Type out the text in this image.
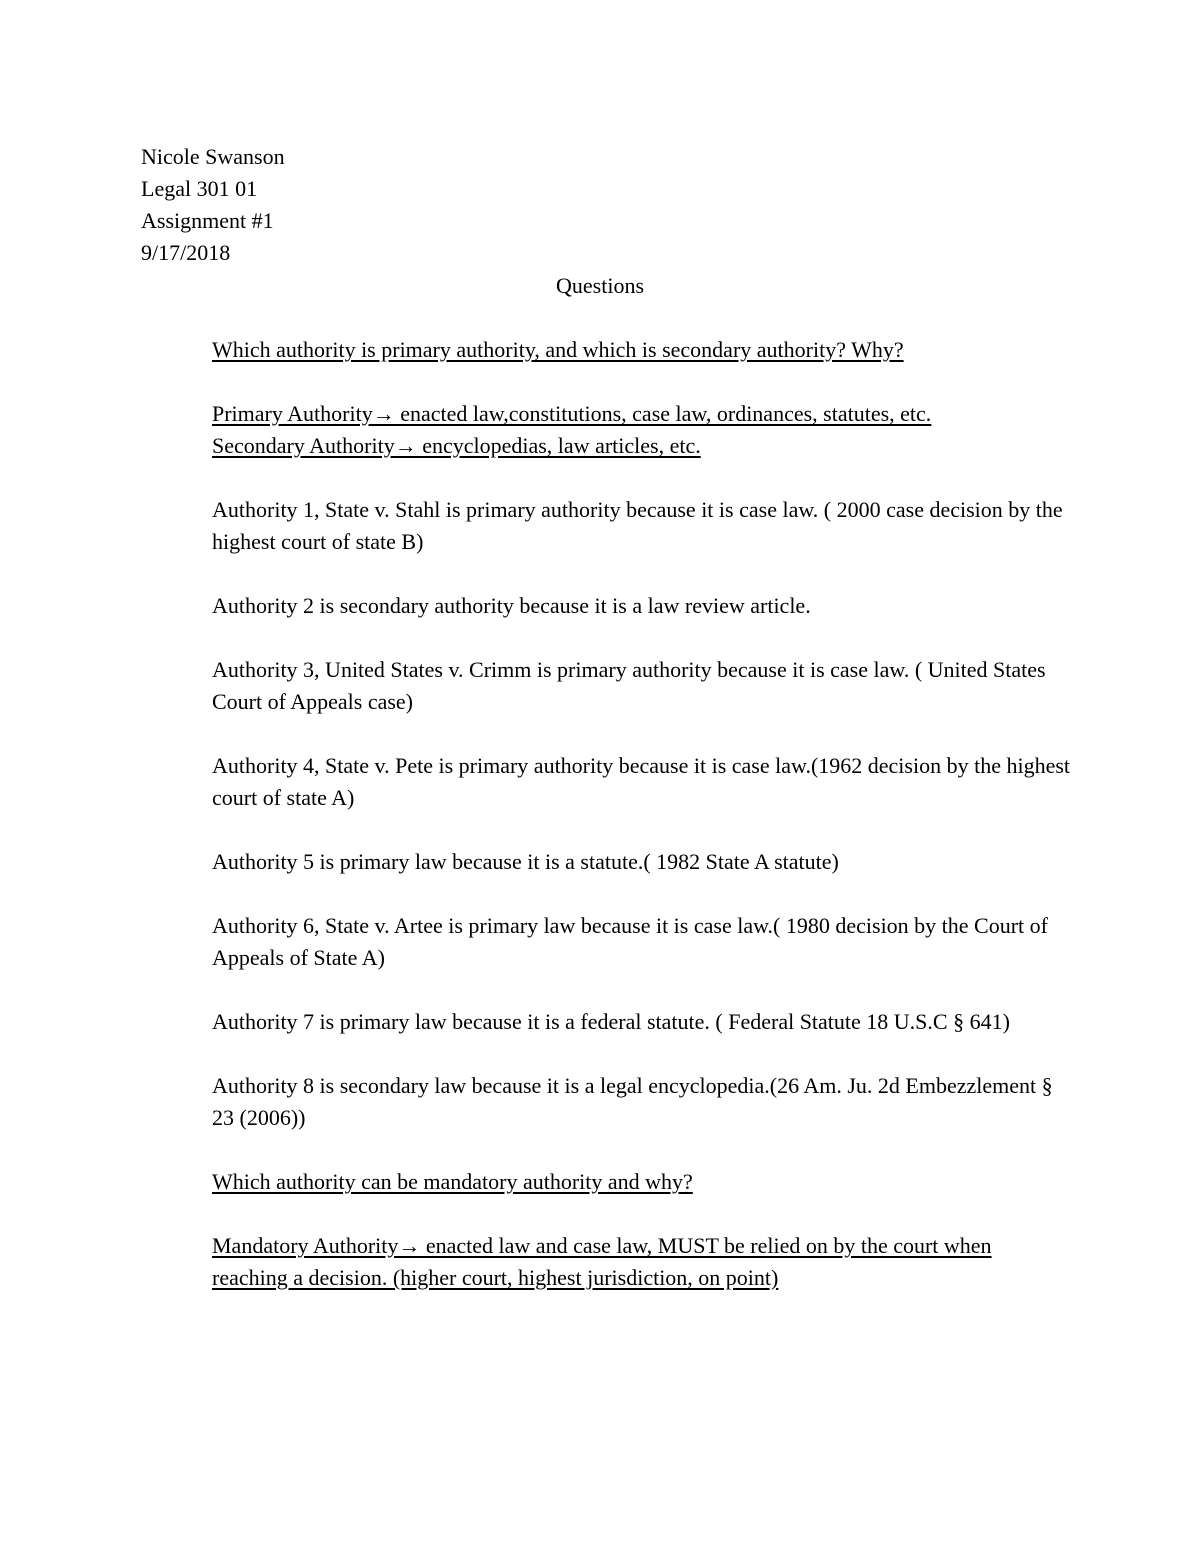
Nicole Swanson
Legal 301 01
Assignment #1
9/17/2018
Questions

Which authority is primary authority, and which is secondary authority? Why?

Primary Authority→ enacted law,constitutions, case law, ordinances, statutes, etc.

Secondary Authority→ encyclopedias, law articles, etc.

Authority 1, State v. Stahl is primary authority because it is case law. ( 2000 case decision by the highest court of state B)

Authority 2 is secondary authority because it is a law review article.

Authority 3, United States v. Crimm is primary authority because it is case law. ( United States Court of Appeals case)

Authority 4, State v. Pete is primary authority because it is case law.(1962 decision by the highest court of state A)

Authority 5 is primary law because it is a statute.( 1982 State A statute)

Authority 6, State v. Artee is primary law because it is case law.( 1980 decision by the Court of Appeals of State A)

Authority 7 is primary law because it is a federal statute. ( Federal Statute 18 U.S.C § 641)

Authority 8 is secondary law because it is a legal encyclopedia.(26 Am. Ju. 2d Embezzlement § 23 (2006))

Which authority can be mandatory authority and why?

Mandatory Authority→ enacted law and case law, MUST be relied on by the court when reaching a decision. (higher court, highest jurisdiction, on point)
